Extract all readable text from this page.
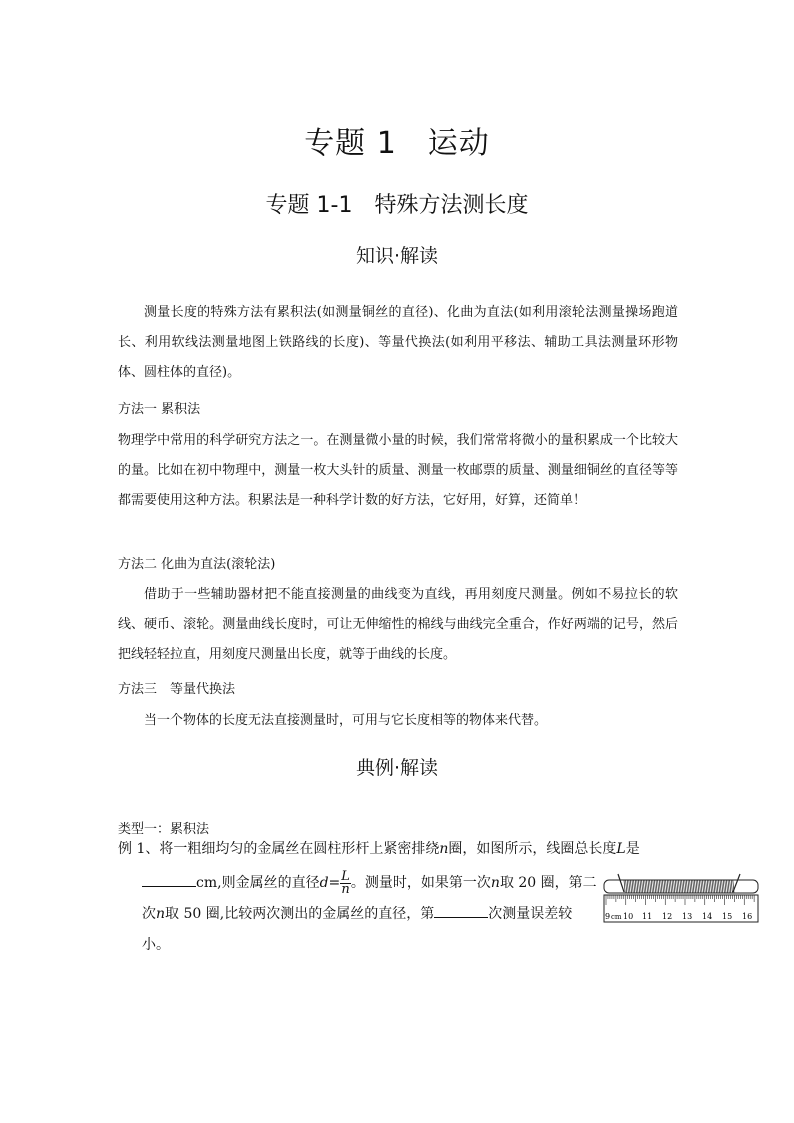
专题 1　运动
专题 1-1　特殊方法测长度
知识·解读
测量长度的特殊方法有累积法(如测量铜丝的直径)、化曲为直法(如利用滚轮法测量操场跑道长、利用软线法测量地图上铁路线的长度)、等量代换法(如利用平移法、辅助工具法测量环形物体、圆柱体的直径)。
方法一 累积法
物理学中常用的科学研究方法之一。在测量微小量的时候，我们常常将微小的量积累成一个比较大的量。比如在初中物理中，测量一枚大头针的质量、测量一枚邮票的质量、测量细铜丝的直径等等都需要使用这种方法。积累法是一种科学计数的好方法，它好用，好算，还简单！
方法二 化曲为直法(滚轮法)
借助于一些辅助器材把不能直接测量的曲线变为直线，再用刻度尺测量。例如不易拉长的软线、硬币、滚轮。测量曲线长度时，可让无伸缩性的棉线与曲线完全重合，作好两端的记号，然后把线轻轻拉直，用刻度尺测量出长度，就等于曲线的长度。
方法三　等量代换法
当一个物体的长度无法直接测量时，可用与它长度相等的物体来代替。
典例·解读
类型一：累积法
例 1、将一粗细均匀的金属丝在圆柱形杆上紧密排绕n圈，如图所示，线圈总长度L是
cm,则金属丝的直径$d= \frac{L}{n}$ 。测量时，如果第一次n取 20 圈，第二
次n取 50 圈,比较两次测出的金属丝的直径，第	次测量误差较
小。
9 cm 10 11 12 13 14 15 16
